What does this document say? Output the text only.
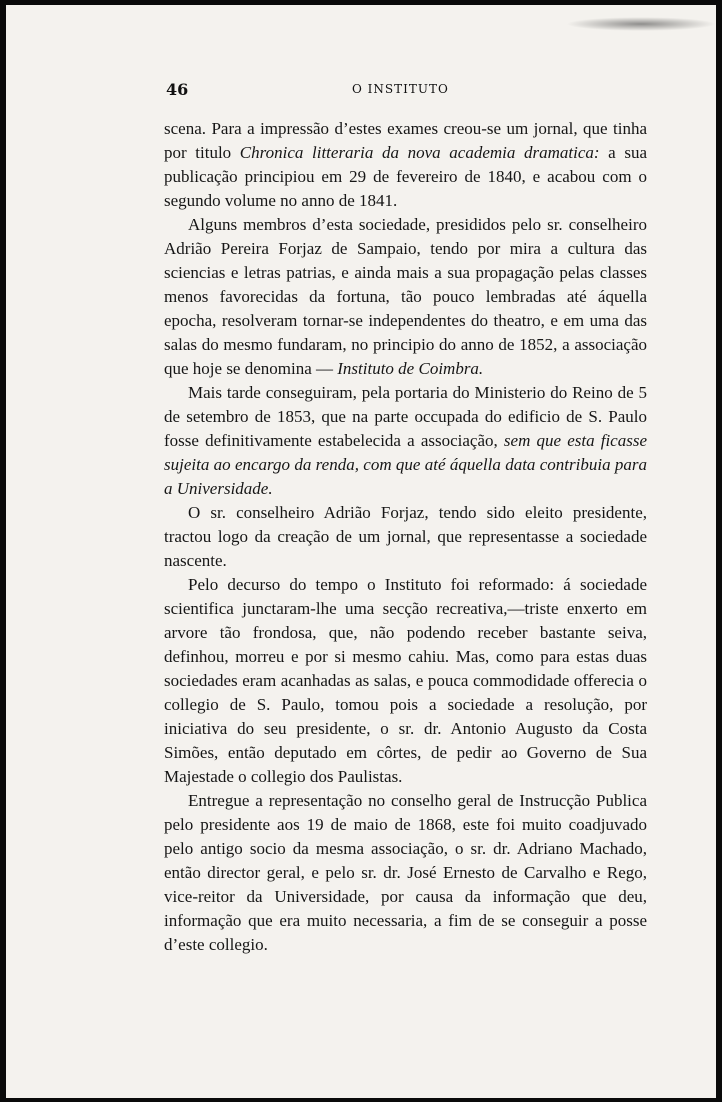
46	O INSTITUTO

scena. Para a impressão d’estes exames creou-se um jornal, que tinha por titulo Chronica litteraria da nova academia dramatica: a sua publicação principiou em 29 de fevereiro de 1840, e acabou com o segundo volume no anno de 1841.

Alguns membros d’esta sociedade, presididos pelo sr. conselheiro Adrião Pereira Forjaz de Sampaio, tendo por mira a cultura das sciencias e letras patrias, e ainda mais a sua propagação pelas classes menos favorecidas da fortuna, tão pouco lembradas até áquella epocha, resolveram tornar-se independentes do theatro, e em uma das salas do mesmo fundaram, no principio do anno de 1852, a associação que hoje se denomina — Instituto de Coimbra.

Mais tarde conseguiram, pela portaria do Ministerio do Reino de 5 de setembro de 1853, que na parte occupada do edificio de S. Paulo fosse definitivamente estabelecida a associação, sem que esta ficasse sujeita ao encargo da renda, com que até áquella data contribuia para a Universidade.

O sr. conselheiro Adrião Forjaz, tendo sido eleito presidente, tractou logo da creação de um jornal, que representasse a sociedade nascente.

Pelo decurso do tempo o Instituto foi reformado: á sociedade scientifica junctaram-lhe uma secção recreativa,—triste enxerto em arvore tão frondosa, que, não podendo receber bastante seiva, definhou, morreu e por si mesmo cahiu. Mas, como para estas duas sociedades eram acanhadas as salas, e pouca commodidade offerecia o collegio de S. Paulo, tomou pois a sociedade a resolução, por iniciativa do seu presidente, o sr. dr. Antonio Augusto da Costa Simões, então deputado em côrtes, de pedir ao Governo de Sua Majestade o collegio dos Paulistas.

Entregue a representação no conselho geral de Instrucção Publica pelo presidente aos 19 de maio de 1868, este foi muito coadjuvado pelo antigo socio da mesma associação, o sr. dr. Adriano Machado, então director geral, e pelo sr. dr. José Ernesto de Carvalho e Rego, vice-reitor da Universidade, por causa da informação que deu, informação que era muito necessaria, a fim de se conseguir a posse d’este collegio.
